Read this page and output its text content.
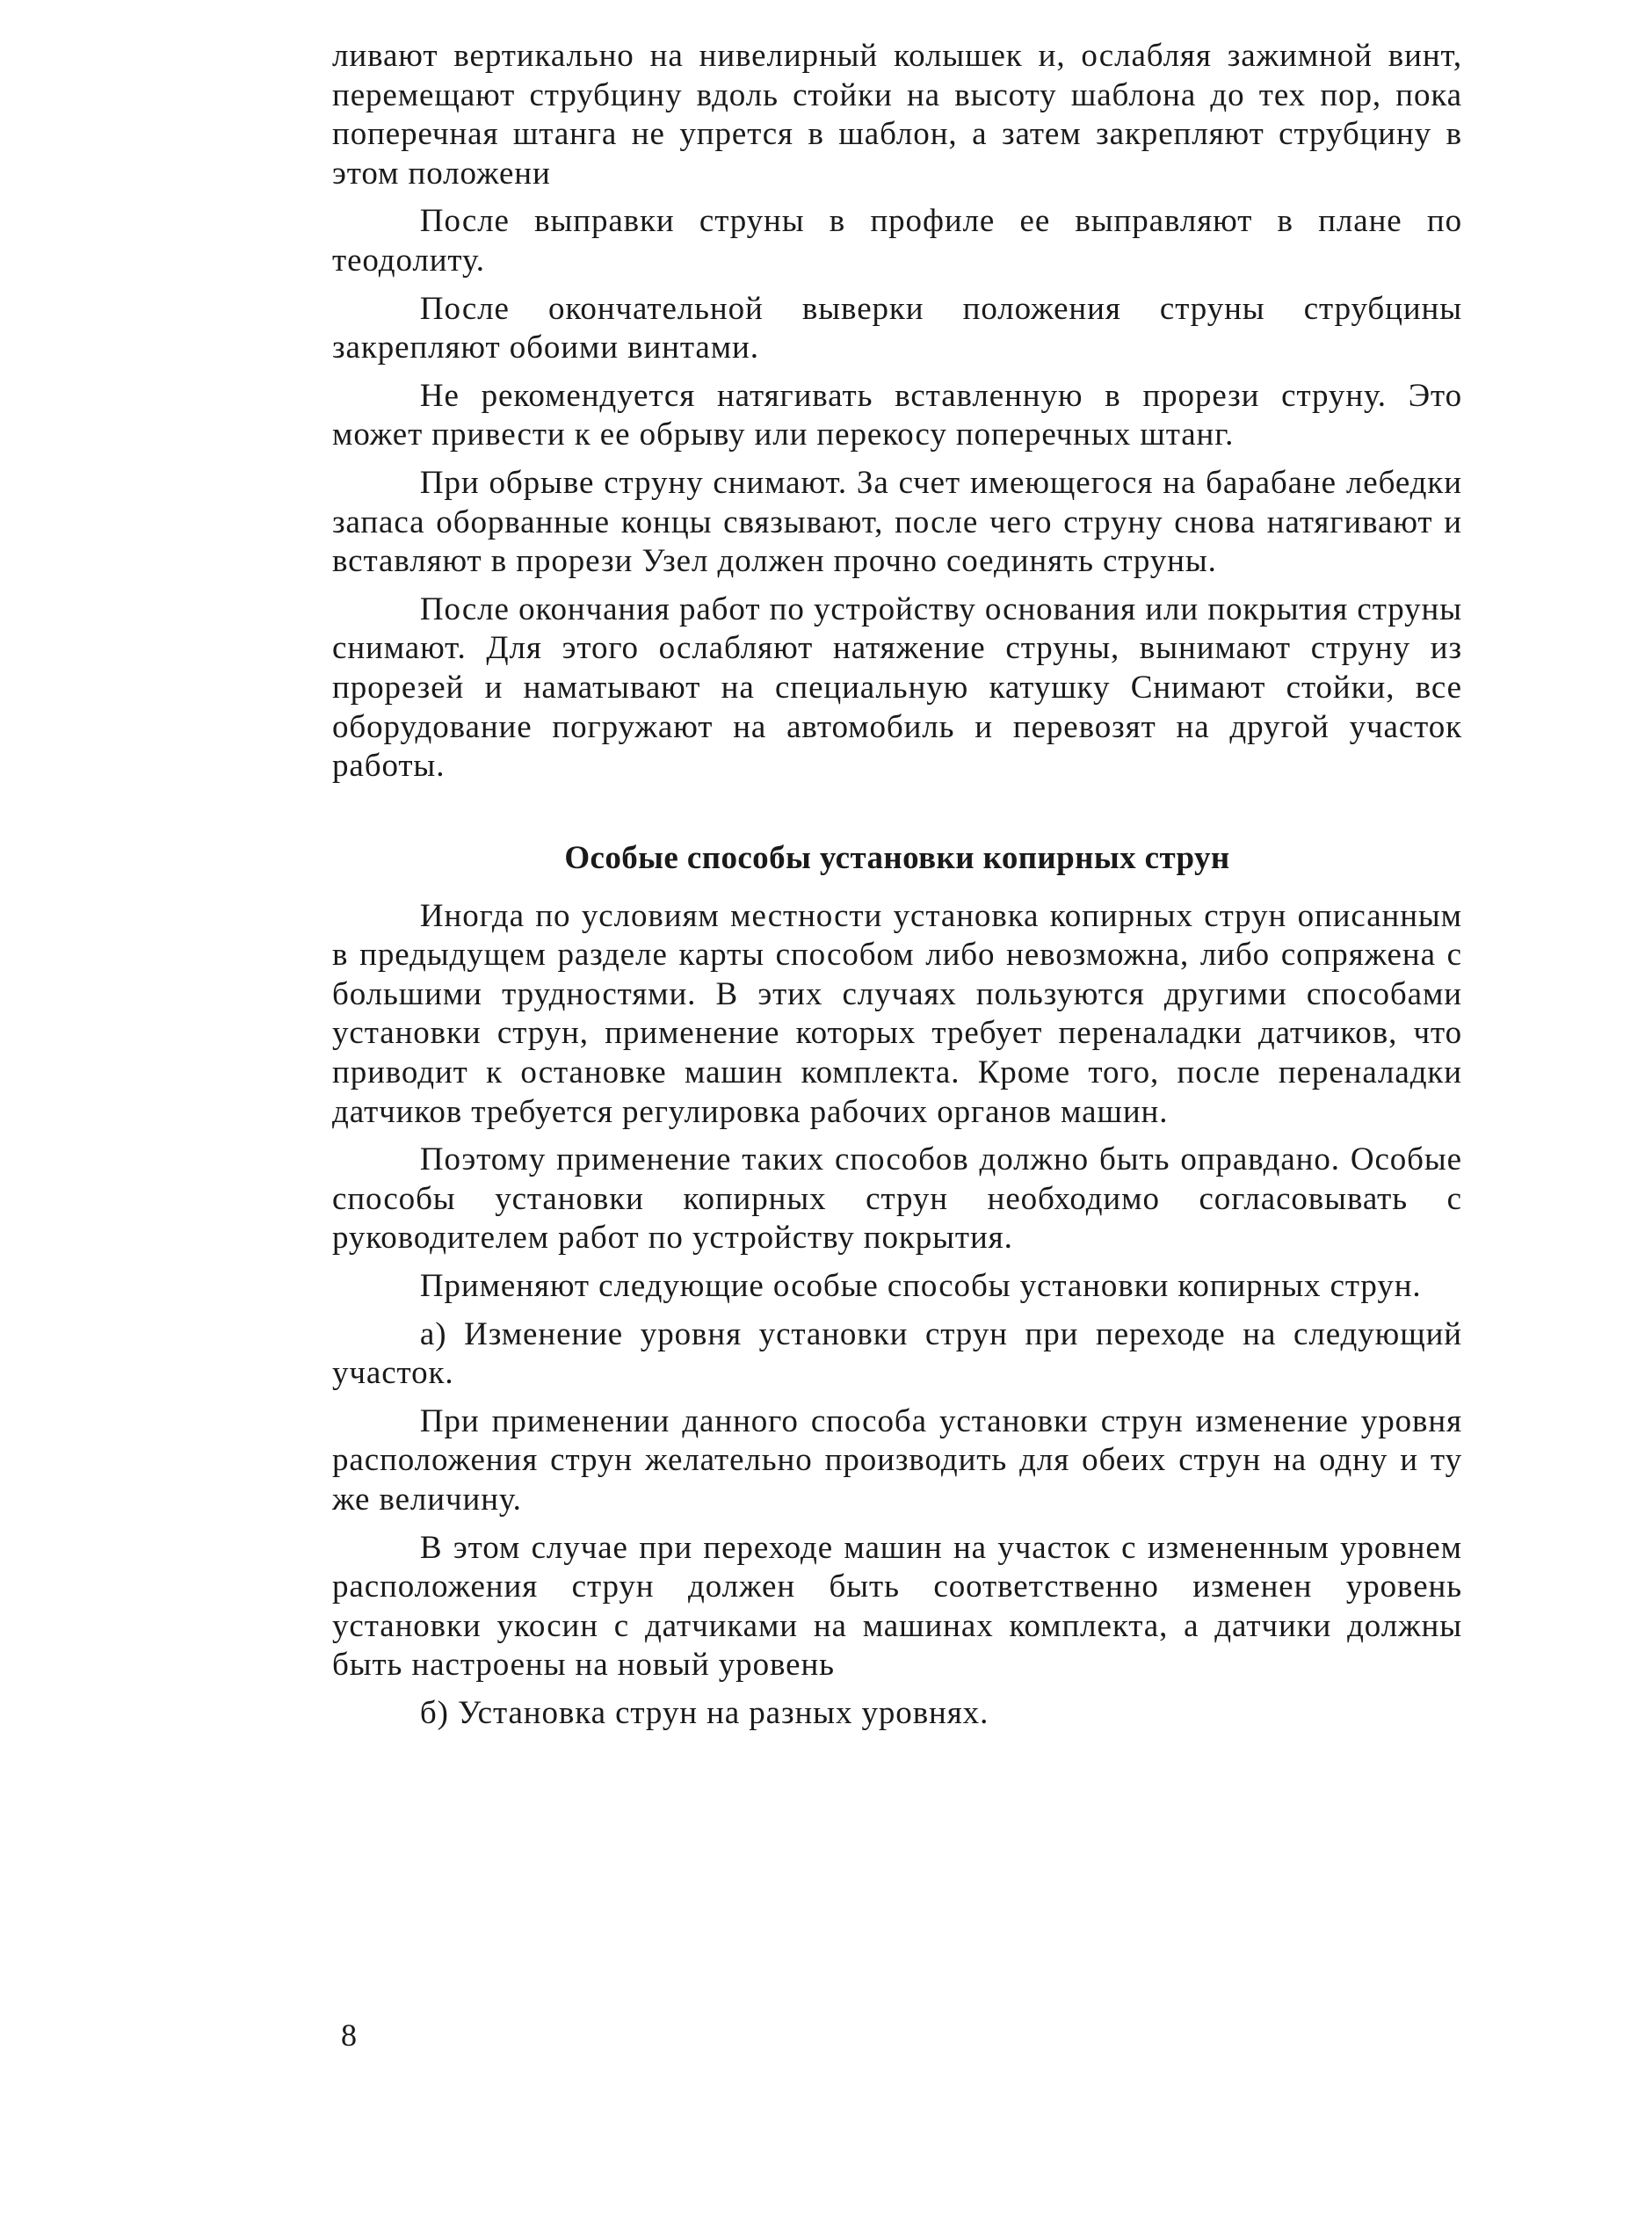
ливают вертикально на нивелирный колышек и, ослабляя зажимной винт, перемещают струбцину вдоль стойки на высоту шаблона до тех пор, пока поперечная штанга не упрется в шаблон, а затем закрепляют струбцину в этом положени

После выправки струны в профиле ее выправляют в плане по теодолиту.

После окончательной выверки положения струны струбцины закрепляют обоими винтами.

Не рекомендуется натягивать вставленную в прорези струну. Это может привести к ее обрыву или перекосу поперечных штанг.

При обрыве струну снимают. За счет имеющегося на барабане лебедки запаса оборванные концы связывают, после чего струну снова натягивают и вставляют в прорези Узел должен прочно соединять струны.

После окончания работ по устройству основания или покрытия струны снимают. Для этого ослабляют натяжение струны, вынимают струну из прорезей и наматывают на специальную катушку Снимают стойки, все оборудование погружают на автомобиль и перевозят на другой участок работы.

Особые способы установки копирных струн

Иногда по условиям местности установка копирных струн описанным в предыдущем разделе карты способом либо невозможна, либо сопряжена с большими трудностями. В этих случаях пользуются другими способами установки струн, применение которых требует переналадки датчиков, что приводит к остановке машин комплекта. Кроме того, после переналадки датчиков требуется регулировка рабочих органов машин.

Поэтому применение таких способов должно быть оправдано. Особые способы установки копирных струн необходимо согласовывать с руководителем работ по устройству покрытия.

Применяют следующие особые способы установки копирных струн.

а) Изменение уровня установки струн при переходе на следующий участок.

При применении данного способа установки струн изменение уровня расположения струн желательно производить для обеих струн на одну и ту же величину.

В этом случае при переходе машин на участок с измененным уровнем расположения струн должен быть соответственно изменен уровень установки укосин с датчиками на машинах комплекта, а датчики должны быть настроены на новый уровень

б) Установка струн на разных уровнях.

8
